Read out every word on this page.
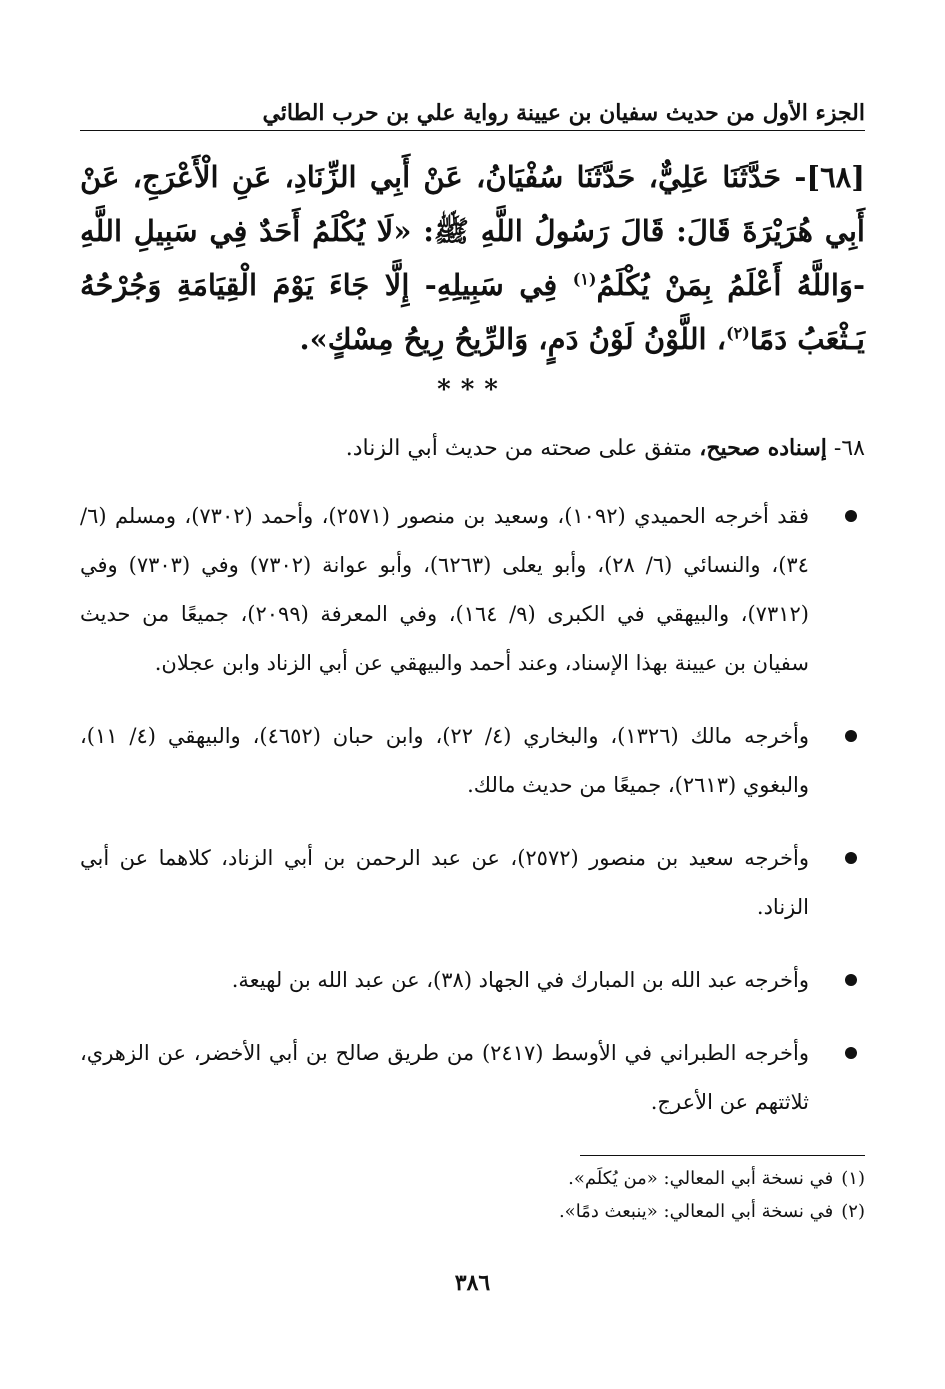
الجزء الأول من حديث سفيان بن عيينة رواية علي بن حرب الطائي
[٦٨]- حَدَّثَنَا عَلِيٌّ، حَدَّثَنَا سُفْيَانُ، عَنْ أَبِي الزِّنَادِ، عَنِ الْأَعْرَجِ، عَنْ أَبِي هُرَيْرَةَ قَالَ: قَالَ رَسُولُ اللَّهِ ﷺ: «لَا يُكْلَمُ أَحَدٌ فِي سَبِيلِ اللَّهِ -وَاللَّهُ أَعْلَمُ بِمَنْ يُكْلَمُ$^{(١)}$ فِي سَبِيلِهِ- إِلَّا جَاءَ يَوْمَ الْقِيَامَةِ وَجُرْحُهُ يَـثْعَبُ دَمًا$^{(٢)}$، اللَّوْنُ لَوْنُ دَمٍ، وَالرِّيحُ رِيحُ مِسْكٍ».
***
٦٨- إسناده صحيح، متفق على صحته من حديث أبي الزناد.
فقد أخرجه الحميدي (١٠٩٢)، وسعيد بن منصور (٢٥٧١)، وأحمد (٧٣٠٢)، ومسلم (٦/ ٣٤)، والنسائي (٦/ ٢٨)، وأبو يعلى (٦٢٦٣)، وأبو عوانة (٧٣٠٢) وفي (٧٣٠٣) وفي (٧٣١٢)، والبيهقي في الكبرى (٩/ ١٦٤)، وفي المعرفة (٢٠٩٩)، جميعًا من حديث سفيان بن عيينة بهذا الإسناد، وعند أحمد والبيهقي عن أبي الزناد وابن عجلان.
وأخرجه مالك (١٣٢٦)، والبخاري (٤/ ٢٢)، وابن حبان (٤٦٥٢)، والبيهقي (٤/ ١١)، والبغوي (٢٦١٣)، جميعًا من حديث مالك.
وأخرجه سعيد بن منصور (٢٥٧٢)، عن عبد الرحمن بن أبي الزناد، كلاهما عن أبي الزناد.
وأخرجه عبد الله بن المبارك في الجهاد (٣٨)، عن عبد الله بن لهيعة.
وأخرجه الطبراني في الأوسط (٢٤١٧) من طريق صالح بن أبي الأخضر، عن الزهري، ثلاثتهم عن الأعرج.
(١)في نسخة أبي المعالي: «من يُكلَم».
(٢)في نسخة أبي المعالي: «ينبعث دمًا».
٣٨٦
